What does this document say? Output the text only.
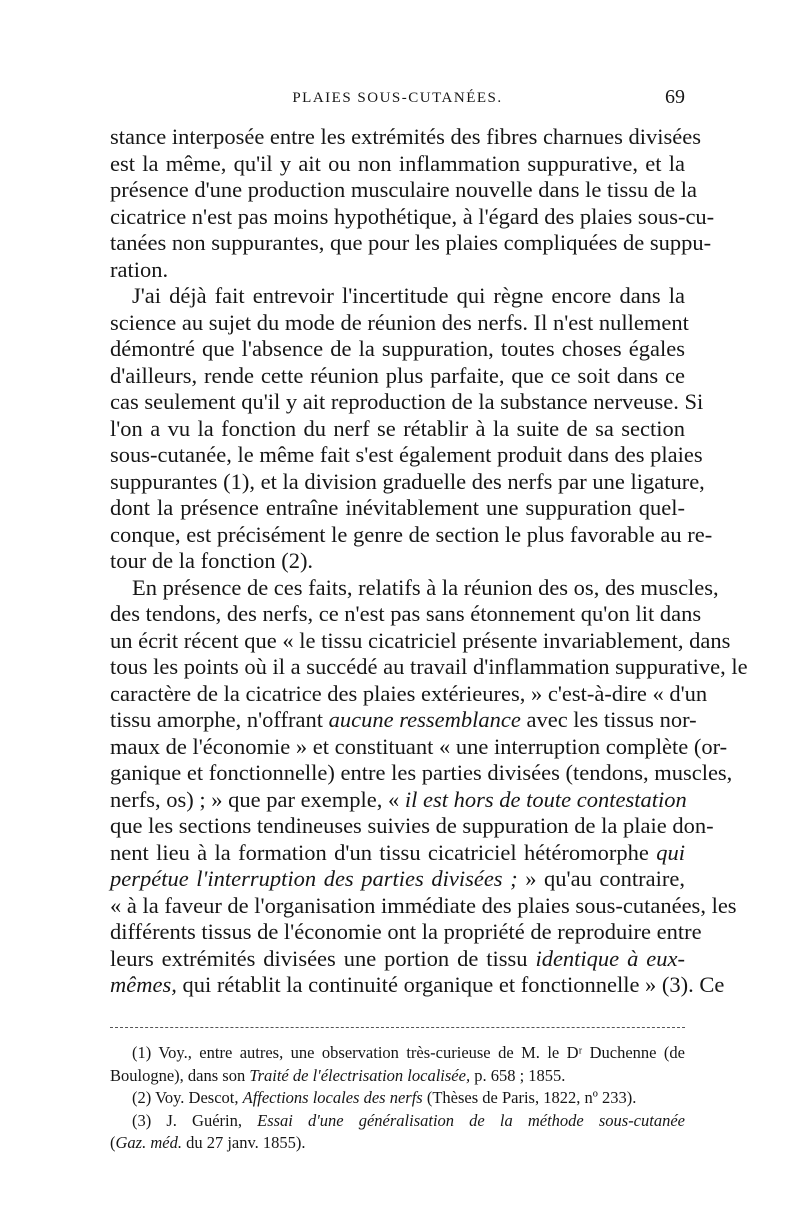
PLAIES SOUS-CUTANÉES.	69
stance interposée entre les extrémités des fibres charnues divisées
est la même, qu'il y ait ou non inflammation suppurative, et la
présence d'une production musculaire nouvelle dans le tissu de la
cicatrice n'est pas moins hypothétique, à l'égard des plaies sous-cu-
tanées non suppurantes, que pour les plaies compliquées de suppu-
ration.
J'ai déjà fait entrevoir l'incertitude qui règne encore dans la
science au sujet du mode de réunion des nerfs. Il n'est nullement
démontré que l'absence de la suppuration, toutes choses égales
d'ailleurs, rende cette réunion plus parfaite, que ce soit dans ce
cas seulement qu'il y ait reproduction de la substance nerveuse. Si
l'on a vu la fonction du nerf se rétablir à la suite de sa section
sous-cutanée, le même fait s'est également produit dans des plaies
suppurantes (1), et la division graduelle des nerfs par une ligature,
dont la présence entraîne inévitablement une suppuration quel-
conque, est précisément le genre de section le plus favorable au re-
tour de la fonction (2).
En présence de ces faits, relatifs à la réunion des os, des muscles,
des tendons, des nerfs, ce n'est pas sans étonnement qu'on lit dans
un écrit récent que « le tissu cicatriciel présente invariablement, dans
tous les points où il a succédé au travail d'inflammation suppurative, le
caractère de la cicatrice des plaies extérieures, » c'est-à-dire « d'un
tissu amorphe, n'offrant aucune ressemblance avec les tissus nor-
maux de l'économie » et constituant « une interruption complète (or-
ganique et fonctionnelle) entre les parties divisées (tendons, muscles,
nerfs, os) ; » que par exemple, « il est hors de toute contestation
que les sections tendineuses suivies de suppuration de la plaie don-
nent lieu à la formation d'un tissu cicatriciel hétéromorphe qui
perpétue l'interruption des parties divisées ; » qu'au contraire,
« à la faveur de l'organisation immédiate des plaies sous-cutanées, les
différents tissus de l'économie ont la propriété de reproduire entre
leurs extrémités divisées une portion de tissu identique à eux-
mêmes, qui rétablit la continuité organique et fonctionnelle » (3). Ce
(1) Voy., entre autres, une observation très-curieuse de M. le Dʳ Duchenne (de
Boulogne), dans son Traité de l'électrisation localisée, p. 658 ; 1855.
(2) Voy. Descot, Affections locales des nerfs (Thèses de Paris, 1822, nº 233).
(3) J. Guérin, Essai d'une généralisation de la méthode sous-cutanée
(Gaz. méd. du 27 janv. 1855).
